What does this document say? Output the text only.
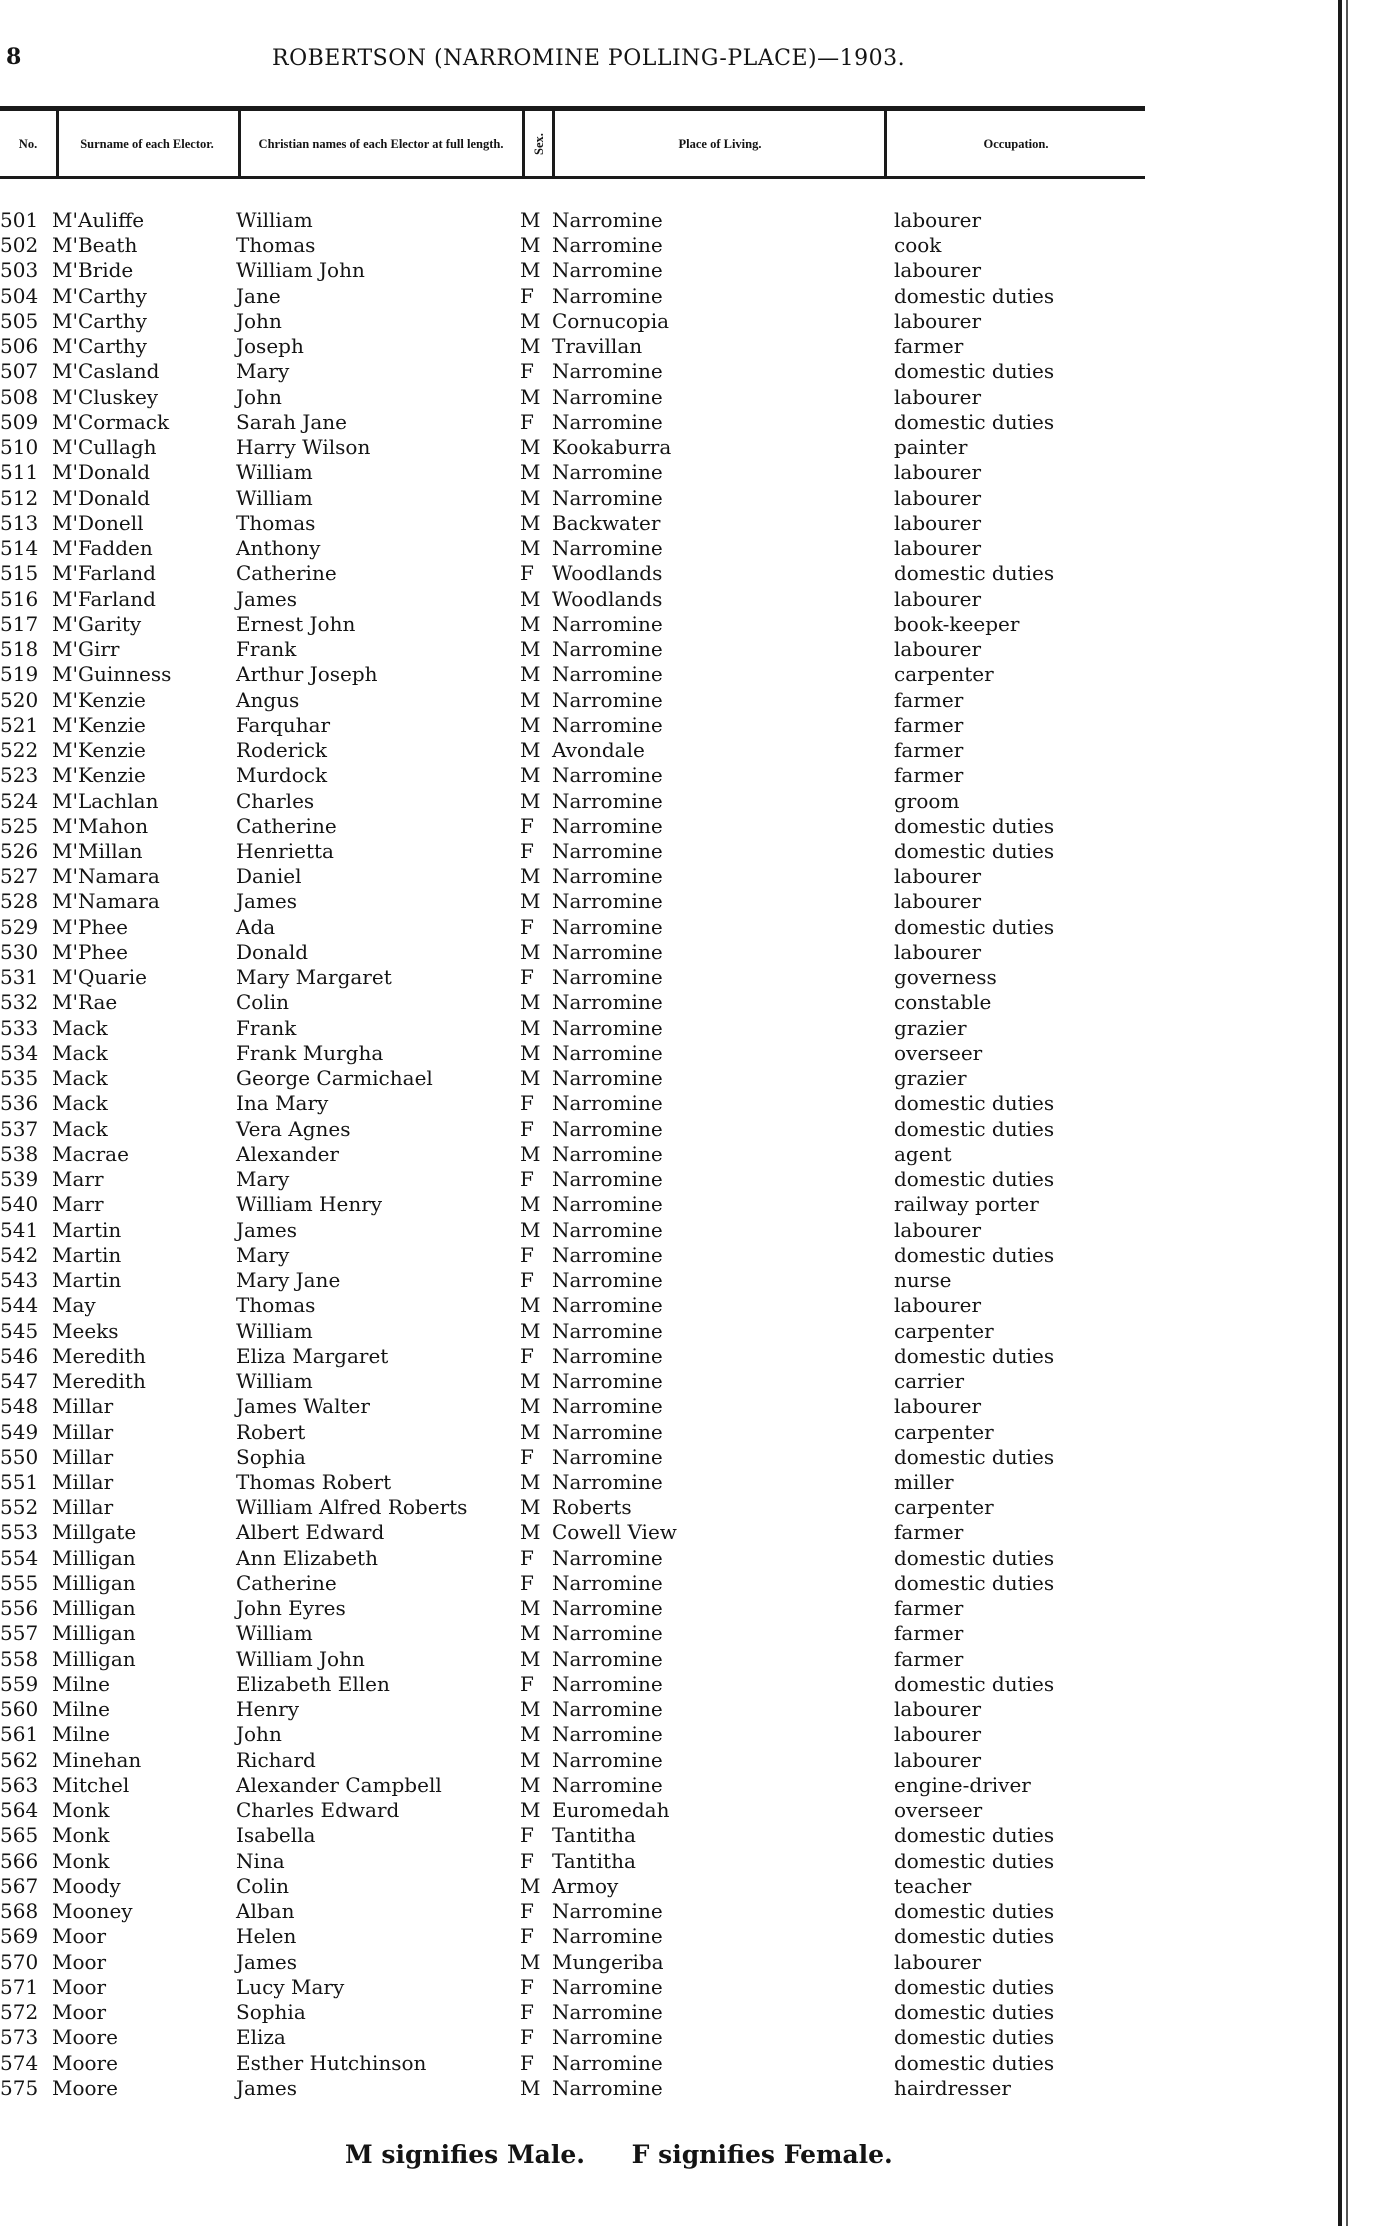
8	ROBERTSON (NARROMINE POLLING-PLACE)—1903.
No.	Surname of each Elector.	Christian names of each Elector at full length.	Sex.	Place of Living.	Occupation.
501 M'Auliffe	William	M Narromine	labourer
502 M'Beath	Thomas	M Narromine	cook
503 M'Bride	William John	M Narromine	labourer
504 M'Carthy	Jane	F Narromine	domestic duties
505 M'Carthy	John	M Cornucopia	labourer
506 M'Carthy	Joseph	M Travillan	farmer
507 M'Casland	Mary	F Narromine	domestic duties
508 M'Cluskey	John	M Narromine	labourer
509 M'Cormack	Sarah Jane	F Narromine	domestic duties
510 M'Cullagh	Harry Wilson	M Kookaburra	painter
511 M'Donald	William	M Narromine	labourer
512 M'Donald	William	M Narromine	labourer
513 M'Donell	Thomas	M Backwater	labourer
514 M'Fadden	Anthony	M Narromine	labourer
515 M'Farland	Catherine	F Woodlands	domestic duties
516 M'Farland	James	M Woodlands	labourer
517 M'Garity	Ernest John	M Narromine	book-keeper
518 M'Girr	Frank	M Narromine	labourer
519 M'Guinness	Arthur Joseph	M Narromine	carpenter
520 M'Kenzie	Angus	M Narromine	farmer
521 M'Kenzie	Farquhar	M Narromine	farmer
522 M'Kenzie	Roderick	M Avondale	farmer
523 M'Kenzie	Murdock	M Narromine	farmer
524 M'Lachlan	Charles	M Narromine	groom
525 M'Mahon	Catherine	F Narromine	domestic duties
526 M'Millan	Henrietta	F Narromine	domestic duties
527 M'Namara	Daniel	M Narromine	labourer
528 M'Namara	James	M Narromine	labourer
529 M'Phee	Ada	F Narromine	domestic duties
530 M'Phee	Donald	M Narromine	labourer
531 M'Quarie	Mary Margaret	F Narromine	governess
532 M'Rae	Colin	M Narromine	constable
533 Mack	Frank	M Narromine	grazier
534 Mack	Frank Murgha	M Narromine	overseer
535 Mack	George Carmichael	M Narromine	grazier
536 Mack	Ina Mary	F Narromine	domestic duties
537 Mack	Vera Agnes	F Narromine	domestic duties
538 Macrae	Alexander	M Narromine	agent
539 Marr	Mary	F Narromine	domestic duties
540 Marr	William Henry	M Narromine	railway porter
541 Martin	James	M Narromine	labourer
542 Martin	Mary	F Narromine	domestic duties
543 Martin	Mary Jane	F Narromine	nurse
544 May	Thomas	M Narromine	labourer
545 Meeks	William	M Narromine	carpenter
546 Meredith	Eliza Margaret	F Narromine	domestic duties
547 Meredith	William	M Narromine	carrier
548 Millar	James Walter	M Narromine	labourer
549 Millar	Robert	M Narromine	carpenter
550 Millar	Sophia	F Narromine	domestic duties
551 Millar	Thomas Robert	M Narromine	miller
552 Millar	William Alfred Roberts	M Roberts	carpenter
553 Millgate	Albert Edward	M Cowell View	farmer
554 Milligan	Ann Elizabeth	F Narromine	domestic duties
555 Milligan	Catherine	F Narromine	domestic duties
556 Milligan	John Eyres	M Narromine	farmer
557 Milligan	William	M Narromine	farmer
558 Milligan	William John	M Narromine	farmer
559 Milne	Elizabeth Ellen	F Narromine	domestic duties
560 Milne	Henry	M Narromine	labourer
561 Milne	John	M Narromine	labourer
562 Minehan	Richard	M Narromine	labourer
563 Mitchel	Alexander Campbell	M Narromine	engine-driver
564 Monk	Charles Edward	M Euromedah	overseer
565 Monk	Isabella	F Tantitha	domestic duties
566 Monk	Nina	F Tantitha	domestic duties
567 Moody	Colin	M Armoy	teacher
568 Mooney	Alban	F Narromine	domestic duties
569 Moor	Helen	F Narromine	domestic duties
570 Moor	James	M Mungeriba	labourer
571 Moor	Lucy Mary	F Narromine	domestic duties
572 Moor	Sophia	F Narromine	domestic duties
573 Moore	Eliza	F Narromine	domestic duties
574 Moore	Esther Hutchinson	F Narromine	domestic duties
575 Moore	James	M Narromine	hairdresser
M signifies Male. F signifies Female.
